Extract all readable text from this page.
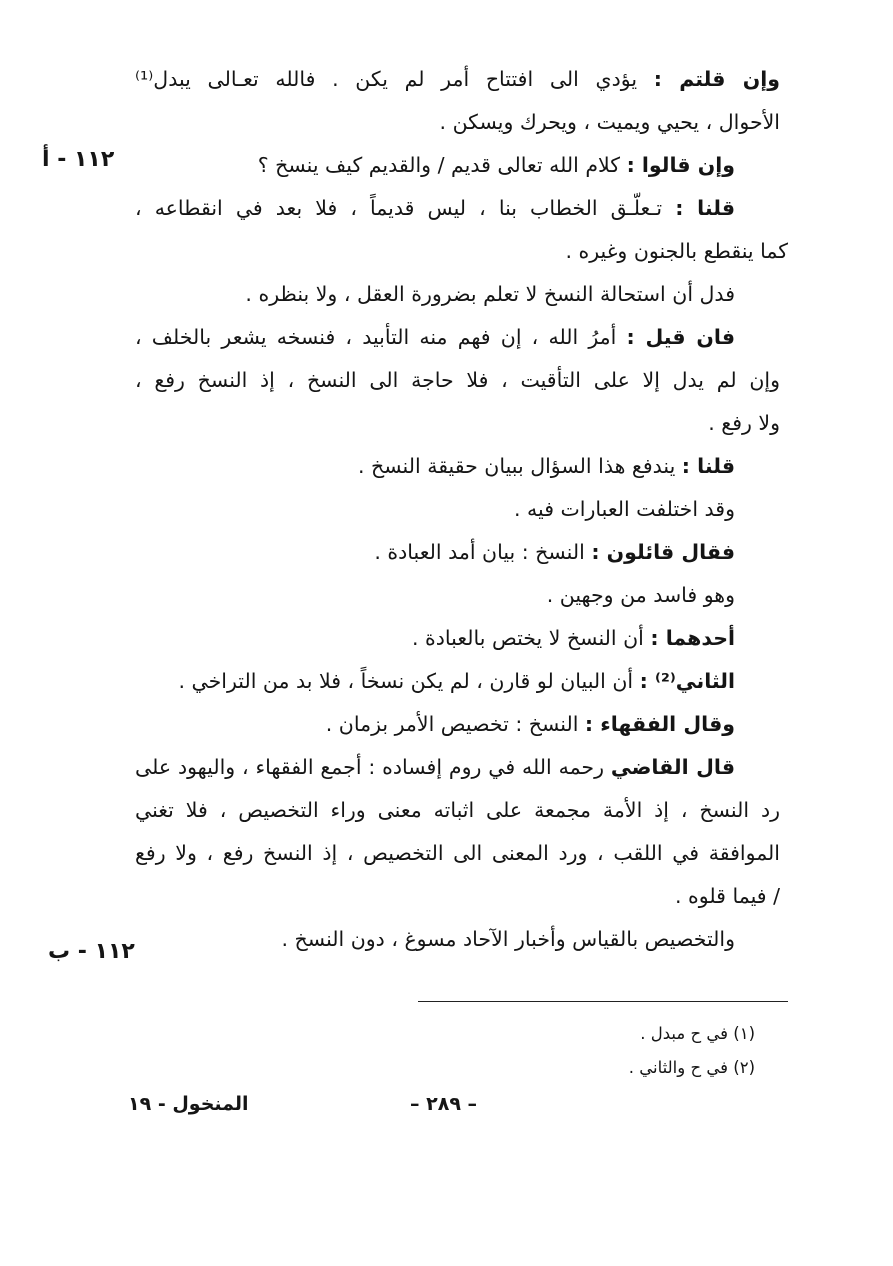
١١٢ - أ
١١٢ - ب
وإن قلتم : يؤدي الى افتتاح أمر لم يكن . فالله تعـالى يبدل⁽¹⁾
الأحوال ، يحيي ويميت ، ويحرك ويسكن .
وإن قالوا : كلام الله تعالى قديم / والقديم كيف ينسخ ؟
قلنا : تـعلّـق الخطاب بنا ، ليس قديماً ، فلا بعد في انقطاعه ،
كما ينقطع بالجنون وغيره .
فدل أن استحالة النسخ لا تعلم بضرورة العقل ، ولا بنظره .
فان قيل : أمرُ الله ، إن فهم منه التأبيد ، فنسخه يشعر بالخلف ،
وإن لم يدل إلا على التأقيت ، فلا حاجة الى النسخ ، إذ النسخ رفع ،
ولا رفع .
قلنا : يندفع هذا السؤال ببيان حقيقة النسخ .
وقد اختلفت العبارات فيه .
فقال قائلون : النسخ : بيان أمد العبادة .
وهو فاسد من وجهين .
أحدهما : أن النسخ لا يختص بالعبادة .
الثاني⁽²⁾ : أن البيان لو قارن ، لم يكن نسخاً ، فلا بد من التراخي .
وقال الفقهاء : النسخ : تخصيص الأمر بزمان .
قال القاضي رحمه الله في روم إفساده : أجمع الفقهاء ، واليهود على
رد النسخ ، إذ الأمة مجمعة على اثباته معنى وراء التخصيص ، فلا تغني
الموافقة في اللقب ، ورد المعنى الى التخصيص ، إذ النسخ رفع ، ولا رفع
/ فيما قلوه .
والتخصيص بالقياس وأخبار الآحاد مسوغ ، دون النسخ .
(١) في ح مبدل .
(٢) في ح والثاني .
– ٢٨٩ –
المنخول - ١٩
